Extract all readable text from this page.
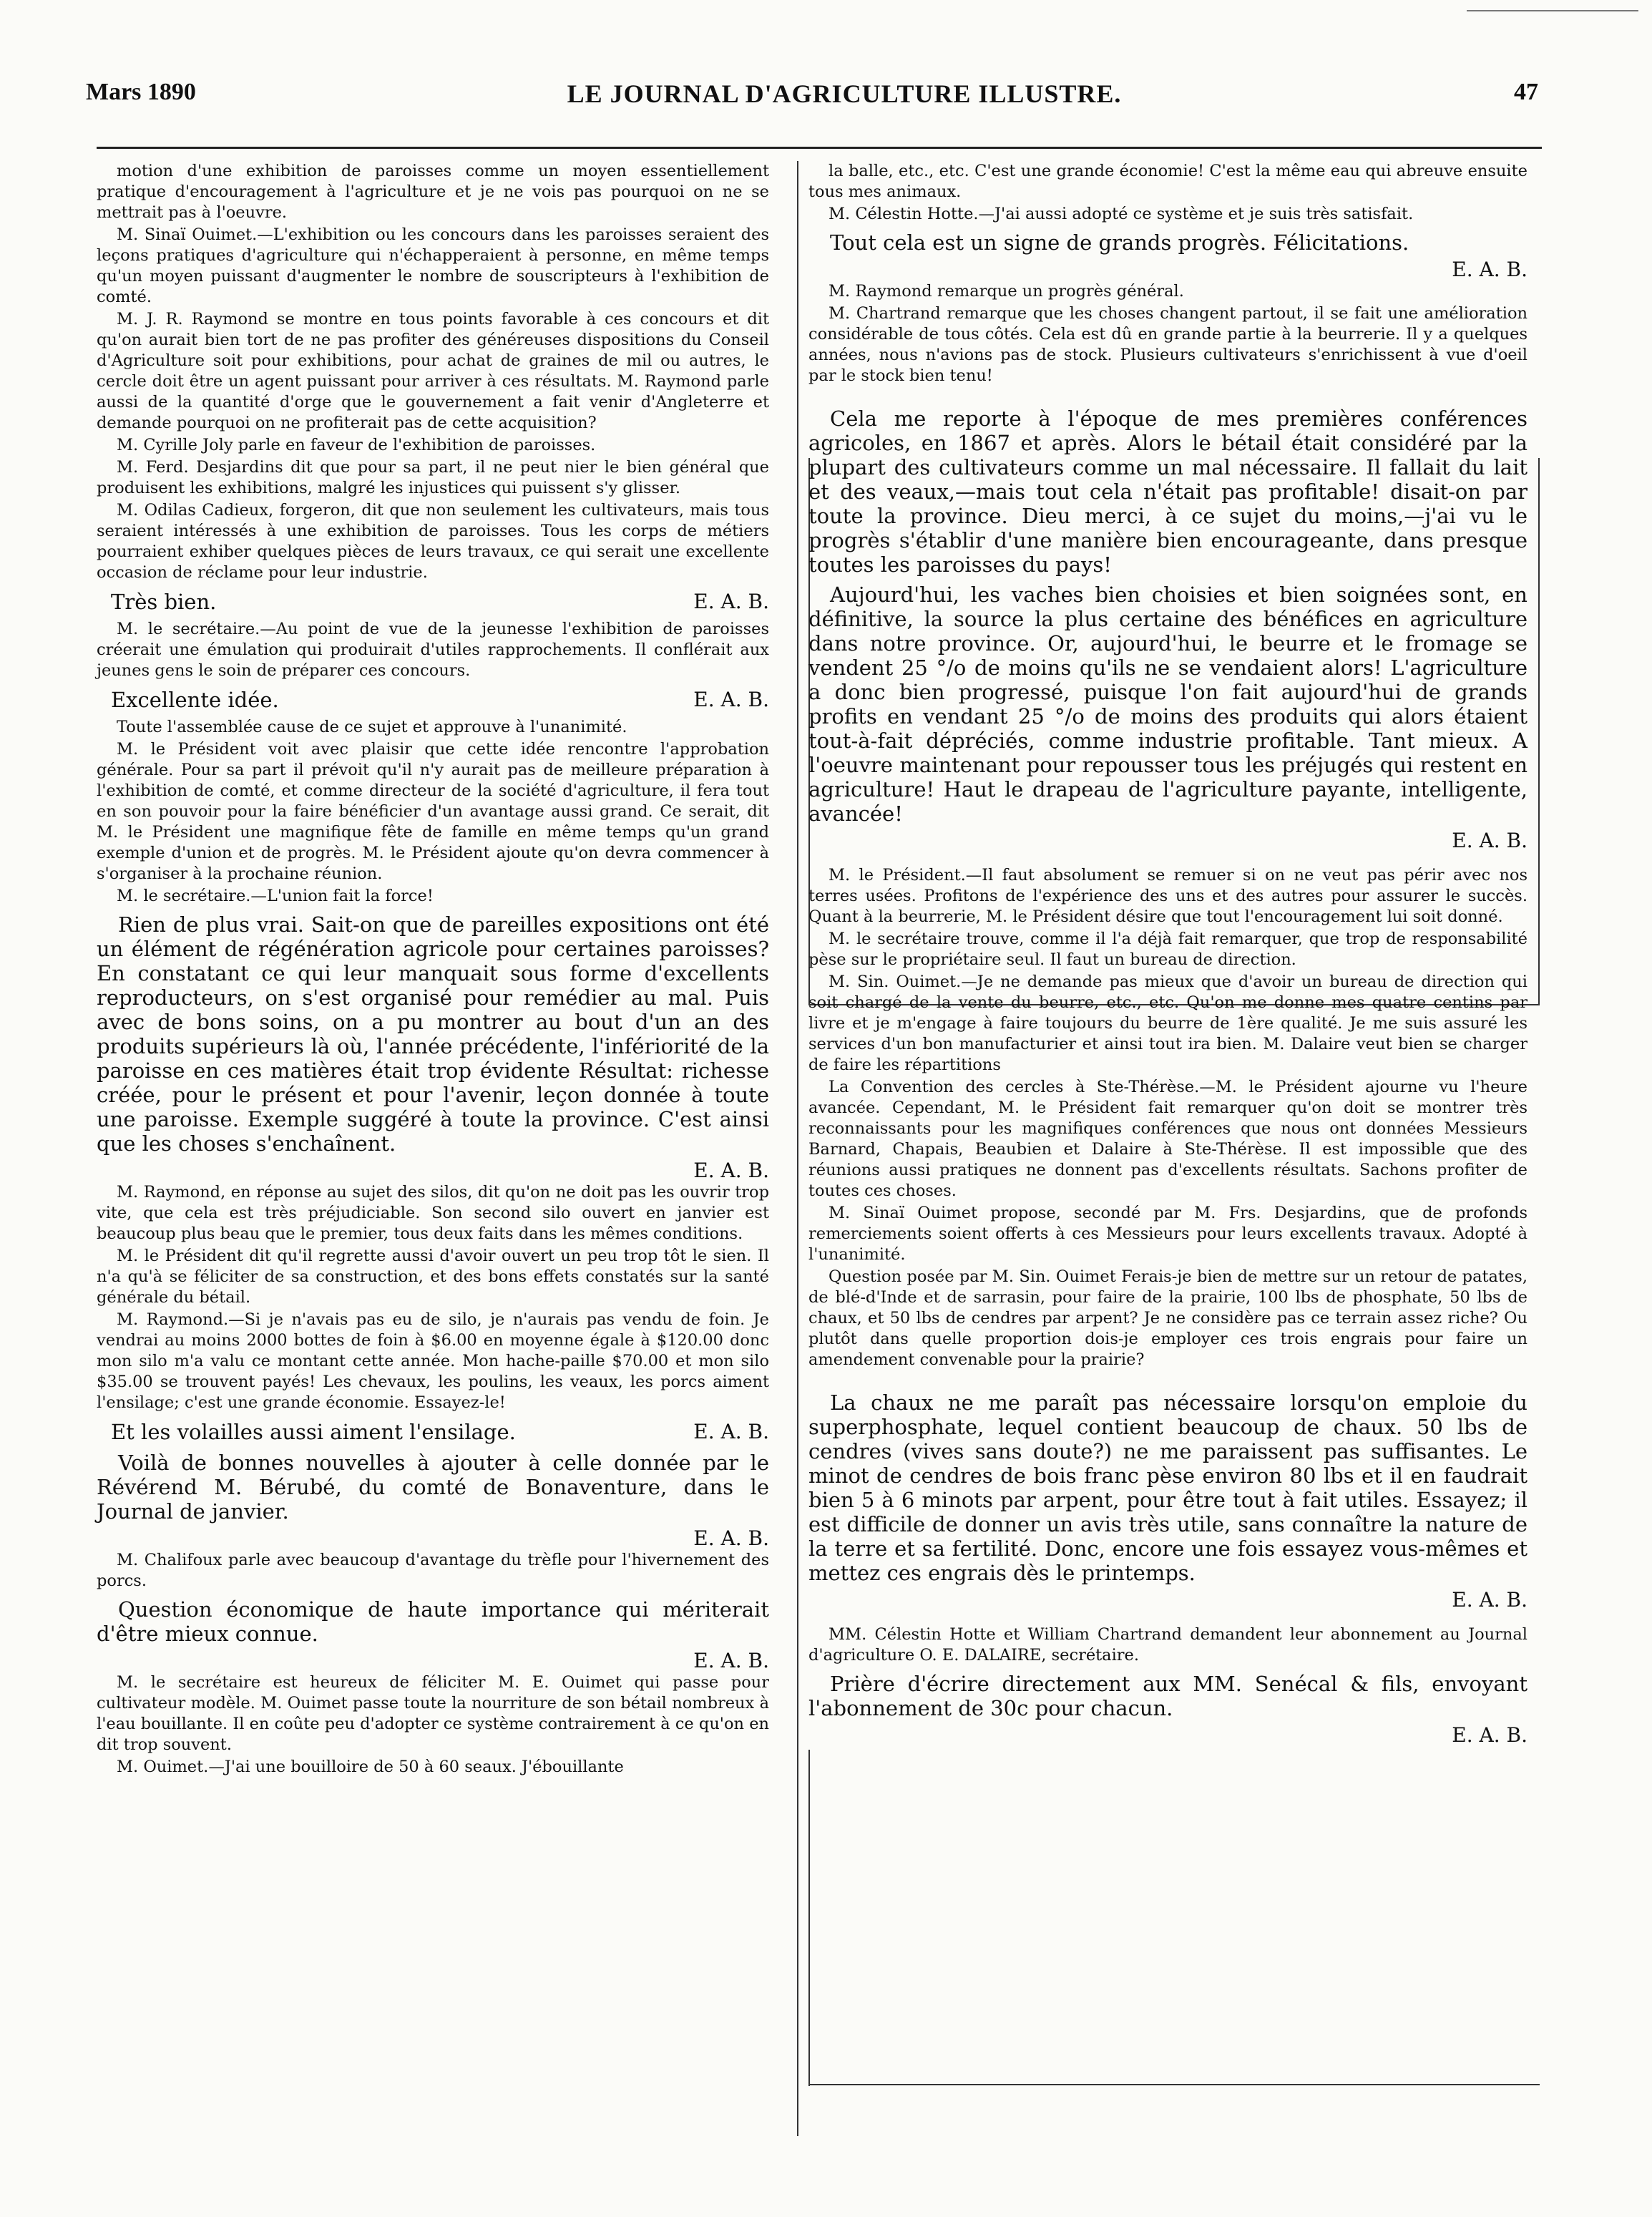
Mars 1890	LE JOURNAL D'AGRICULTURE ILLUSTRE.	47

motion d'une exhibition de paroisses comme un moyen essentiellement pratique d'encouragement à l'agriculture et je ne vois pas pourquoi on ne se mettrait pas à l'oeuvre.

M. Sinaï Ouimet.—L'exhibition ou les concours dans les paroisses seraient des leçons pratiques d'agriculture qui n'échapperaient à personne, en même temps qu'un moyen puissant d'augmenter le nombre de souscripteurs à l'exhibition de comté.

M. J. R. Raymond se montre en tous points favorable à ces concours et dit qu'on aurait bien tort de ne pas profiter des généreuses dispositions du Conseil d'Agriculture soit pour exhibitions, pour achat de graines de mil ou autres, le cercle doit être un agent puissant pour arriver à ces résultats. M. Raymond parle aussi de la quantité d'orge que le gouvernement a fait venir d'Angleterre et demande pourquoi on ne profiterait pas de cette acquisition?

M. Cyrille Joly parle en faveur de l'exhibition de paroisses.

M. Ferd. Desjardins dit que pour sa part, il ne peut nier le bien général que produisent les exhibitions, malgré les injustices qui puissent s'y glisser.

M. Odilas Cadieux, forgeron, dit que non seulement les cultivateurs, mais tous seraient intéressés à une exhibition de paroisses. Tous les corps de métiers pourraient exhiber quelques pièces de leurs travaux, ce qui serait une excellente occasion de réclame pour leur industrie.

E. A. B.
Très bien.

M. le secrétaire.—Au point de vue de la jeunesse l'exhibition de paroisses créerait une émulation qui produirait d'utiles rapprochements. Il conflérait aux jeunes gens le soin de préparer ces concours.

E. A. B.
Excellente idée.

Toute l'assemblée cause de ce sujet et approuve à l'unanimité.

M. le Président voit avec plaisir que cette idée rencontre l'approbation générale. Pour sa part il prévoit qu'il n'y aurait pas de meilleure préparation à l'exhibition de comté, et comme directeur de la société d'agriculture, il fera tout en son pouvoir pour la faire bénéficier d'un avantage aussi grand. Ce serait, dit M. le Président une magnifique fête de famille en même temps qu'un grand exemple d'union et de progrès. M. le Président ajoute qu'on devra commencer à s'organiser à la prochaine réunion.

M. le secrétaire.—L'union fait la force!

Rien de plus vrai. Sait-on que de pareilles expositions ont été un élément de régénération agricole pour certaines paroisses? En constatant ce qui leur manquait sous forme d'excellents reproducteurs, on s'est organisé pour remédier au mal. Puis avec de bons soins, on a pu montrer au bout d'un an des produits supérieurs là où, l'année précédente, l'infériorité de la paroisse en ces matières était trop évidente Résultat: richesse créée, pour le présent et pour l'avenir, leçon donnée à toute une paroisse. Exemple suggéré à toute la province. C'est ainsi que les choses s'enchaînent.

E. A. B.

M. Raymond, en réponse au sujet des silos, dit qu'on ne doit pas les ouvrir trop vite, que cela est très préjudiciable. Son second silo ouvert en janvier est beaucoup plus beau que le premier, tous deux faits dans les mêmes conditions.

M. le Président dit qu'il regrette aussi d'avoir ouvert un peu trop tôt le sien. Il n'a qu'à se féliciter de sa construction, et des bons effets constatés sur la santé générale du bétail.

M. Raymond.—Si je n'avais pas eu de silo, je n'aurais pas vendu de foin. Je vendrai au moins 2000 bottes de foin à $6.00 en moyenne égale à $120.00 donc mon silo m'a valu ce montant cette année. Mon hache-paille $70.00 et mon silo $35.00 se trouvent payés! Les chevaux, les poulins, les veaux, les porcs aiment l'ensilage; c'est une grande économie. Essayez-le!

E. A. B.
Et les volailles aussi aiment l'ensilage.

Voilà de bonnes nouvelles à ajouter à celle donnée par le Révérend M. Bérubé, du comté de Bonaventure, dans le Journal de janvier.

E. A. B.

M. Chalifoux parle avec beaucoup d'avantage du trèfle pour l'hivernement des porcs.

Question économique de haute importance qui mériterait d'être mieux connue.

E. A. B.

M. le secrétaire est heureux de féliciter M. E. Ouimet qui passe pour cultivateur modèle. M. Ouimet passe toute la nourriture de son bétail nombreux à l'eau bouillante. Il en coûte peu d'adopter ce système contrairement à ce qu'on en dit trop souvent.

M. Ouimet.—J'ai une bouilloire de 50 à 60 seaux. J'ébouillante

la balle, etc., etc. C'est une grande économie! C'est la même eau qui abreuve ensuite tous mes animaux.

M. Célestin Hotte.—J'ai aussi adopté ce système et je suis très satisfait.

Tout cela est un signe de grands progrès. Félicitations.

E. A. B.

M. Raymond remarque un progrès général.

M. Chartrand remarque que les choses changent partout, il se fait une amélioration considérable de tous côtés. Cela est dû en grande partie à la beurrerie. Il y a quelques années, nous n'avions pas de stock. Plusieurs cultivateurs s'enrichissent à vue d'oeil par le stock bien tenu!

Cela me reporte à l'époque de mes premières conférences agricoles, en 1867 et après. Alors le bétail était considéré par la plupart des cultivateurs comme un mal nécessaire. Il fallait du lait et des veaux,—mais tout cela n'était pas profitable! disait-on par toute la province. Dieu merci, à ce sujet du moins,—j'ai vu le progrès s'établir d'une manière bien encourageante, dans presque toutes les paroisses du pays!

Aujourd'hui, les vaches bien choisies et bien soignées sont, en définitive, la source la plus certaine des bénéfices en agriculture dans notre province. Or, aujourd'hui, le beurre et le fromage se vendent 25 °/o de moins qu'ils ne se vendaient alors! L'agriculture a donc bien progressé, puisque l'on fait aujourd'hui de grands profits en vendant 25 °/o de moins des produits qui alors étaient tout-à-fait dépréciés, comme industrie profitable. Tant mieux. A l'oeuvre maintenant pour repousser tous les préjugés qui restent en agriculture! Haut le drapeau de l'agriculture payante, intelligente, avancée!

E. A. B.

M. le Président.—Il faut absolument se remuer si on ne veut pas périr avec nos terres usées. Profitons de l'expérience des uns et des autres pour assurer le succès. Quant à la beurrerie, M. le Président désire que tout l'encouragement lui soit donné.

M. le secrétaire trouve, comme il l'a déjà fait remarquer, que trop de responsabilité pèse sur le propriétaire seul. Il faut un bureau de direction.

M. Sin. Ouimet.—Je ne demande pas mieux que d'avoir un bureau de direction qui soit chargé de la vente du beurre, etc., etc. Qu'on me donne mes quatre centins par livre et je m'engage à faire toujours du beurre de 1ère qualité. Je me suis assuré les services d'un bon manufacturier et ainsi tout ira bien. M. Dalaire veut bien se charger de faire les répartitions

La Convention des cercles à Ste-Thérèse.—M. le Président ajourne vu l'heure avancée. Cependant, M. le Président fait remarquer qu'on doit se montrer très reconnaissants pour les magnifiques conférences que nous ont données Messieurs Barnard, Chapais, Beaubien et Dalaire à Ste-Thérèse. Il est impossible que des réunions aussi pratiques ne donnent pas d'excellents résultats. Sachons profiter de toutes ces choses.

M. Sinaï Ouimet propose, secondé par M. Frs. Desjardins, que de profonds remerciements soient offerts à ces Messieurs pour leurs excellents travaux. Adopté à l'unanimité.

Question posée par M. Sin. Ouimet Ferais-je bien de mettre sur un retour de patates, de blé-d'Inde et de sarrasin, pour faire de la prairie, 100 lbs de phosphate, 50 lbs de chaux, et 50 lbs de cendres par arpent? Je ne considère pas ce terrain assez riche? Ou plutôt dans quelle proportion dois-je employer ces trois engrais pour faire un amendement convenable pour la prairie?

La chaux ne me paraît pas nécessaire lorsqu'on emploie du superphosphate, lequel contient beaucoup de chaux. 50 lbs de cendres (vives sans doute?) ne me paraissent pas suffisantes. Le minot de cendres de bois franc pèse environ 80 lbs et il en faudrait bien 5 à 6 minots par arpent, pour être tout à fait utiles. Essayez; il est difficile de donner un avis très utile, sans connaître la nature de la terre et sa fertilité. Donc, encore une fois essayez vous-mêmes et mettez ces engrais dès le printemps.

E. A. B.

MM. Célestin Hotte et William Chartrand demandent leur abonnement au Journal d'agriculture O. E. DALAIRE, secrétaire.

Prière d'écrire directement aux MM. Senécal & fils, envoyant l'abonnement de 30c pour chacun.

E. A. B.
